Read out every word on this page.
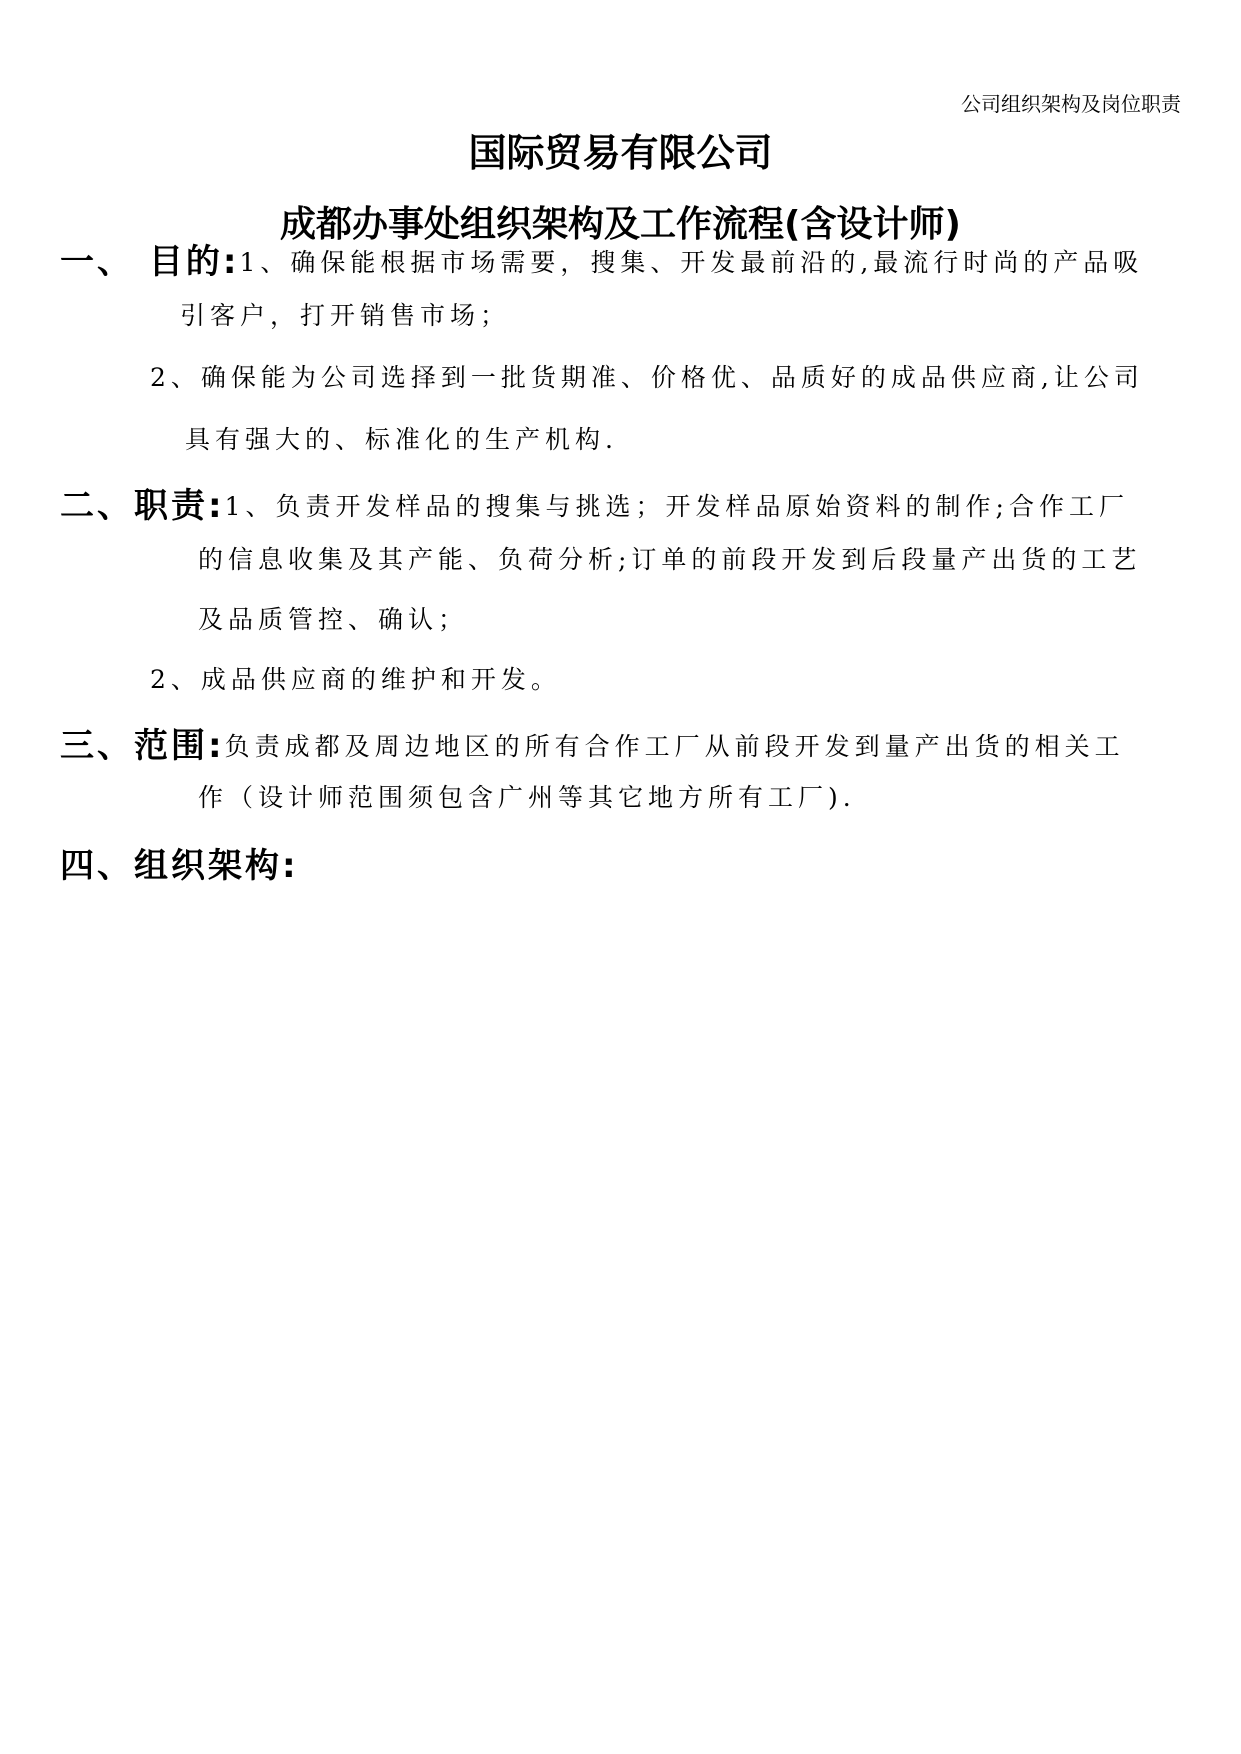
公司组织架构及岗位职责
国际贸易有限公司
成都办事处组织架构及工作流程(含设计师)
一、 目的:1、确保能根据市场需要，搜集、开发最前沿的,最流行时尚的产品吸
引客户，打开销售市场；
2、确保能为公司选择到一批货期准、价格优、品质好的成品供应商,让公司
具有强大的、标准化的生产机构.
二、职责:1、负责开发样品的搜集与挑选；开发样品原始资料的制作;合作工厂
的信息收集及其产能、负荷分析;订单的前段开发到后段量产出货的工艺
及品质管控、确认；
2、成品供应商的维护和开发。
三、范围:负责成都及周边地区的所有合作工厂从前段开发到量产出货的相关工
作（设计师范围须包含广州等其它地方所有工厂).
四、组织架构:
